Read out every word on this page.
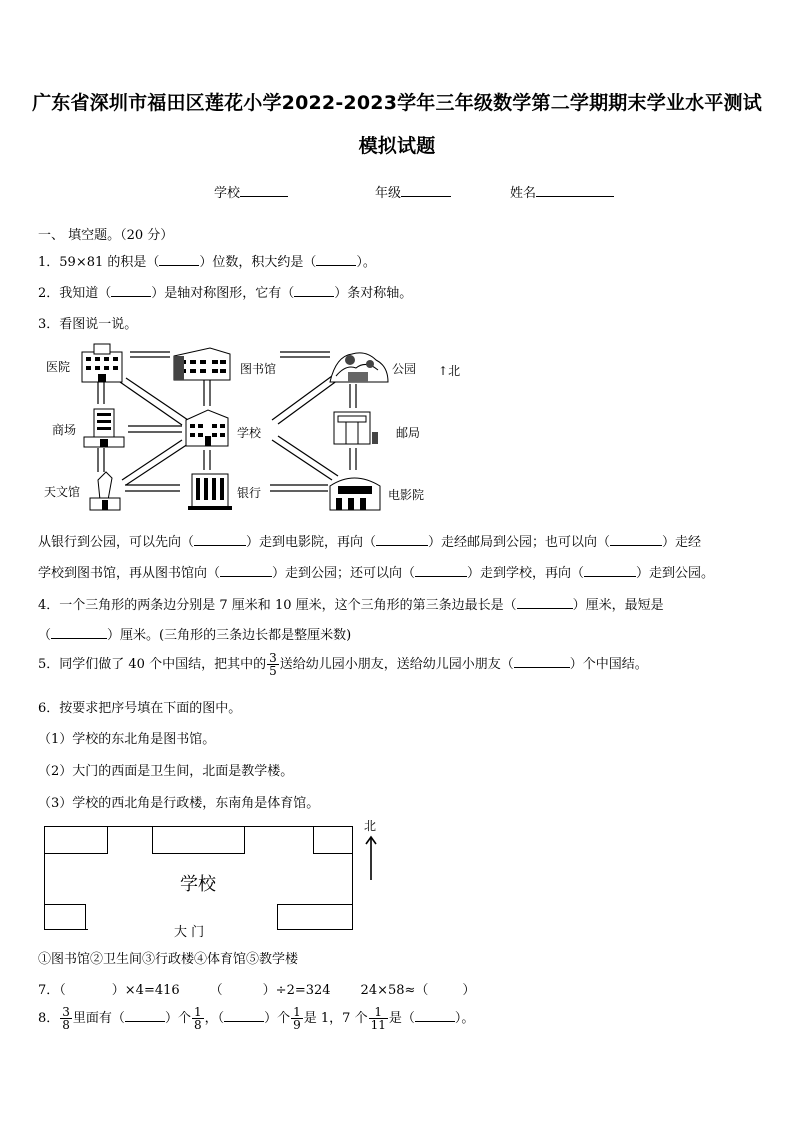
广东省深圳市福田区莲花小学2022-2023学年三年级数学第二学期期末学业水平测试
模拟试题
学校	年级	姓名
一、 填空题。（20 分）
1．59×81 的积是（	）位数，积大约是（	）。
2．我知道（	）是轴对称图形，它有（	）条对称轴。
3．看图说一说。
医院	图书馆	公园 ↑北
商场	学校	邮局
天文馆	银行	电影院
从银行到公园，可以先向（	）走到电影院，再向（	）走经邮局到公园；也可以向（	）走经
学校到图书馆，再从图书馆向（	）走到公园；还可以向（	）走到学校，再向（	）走到公园。
4．一个三角形的两条边分别是 7 厘米和 10 厘米，这个三角形的第三条边最长是（	）厘米，最短是
（	）厘米。(三角形的三条边长都是整厘米数)
5．同学们做了 40 个中国结，把其中的 $\frac{3}{5}$ 送给幼儿园小朋友，送给幼儿园小朋友（	）个中国结。
6．按要求把序号填在下面的图中。
（1）学校的东北角是图书馆。
（2）大门的西面是卫生间，北面是教学楼。
（3）学校的西北角是行政楼，东南角是体育馆。
学校
大 门
北
①图书馆②卫生间③行政楼④体育馆⑤教学楼
7．（	）×4=416 （	）÷2=324 24×58≈（	）
8． $\frac{3}{8}$ 里面有（	）个 $\frac{1}{8}$ ，（	）个 $\frac{1}{9}$ 是 1，7 个 $\frac{1}{11}$ 是（	）。
